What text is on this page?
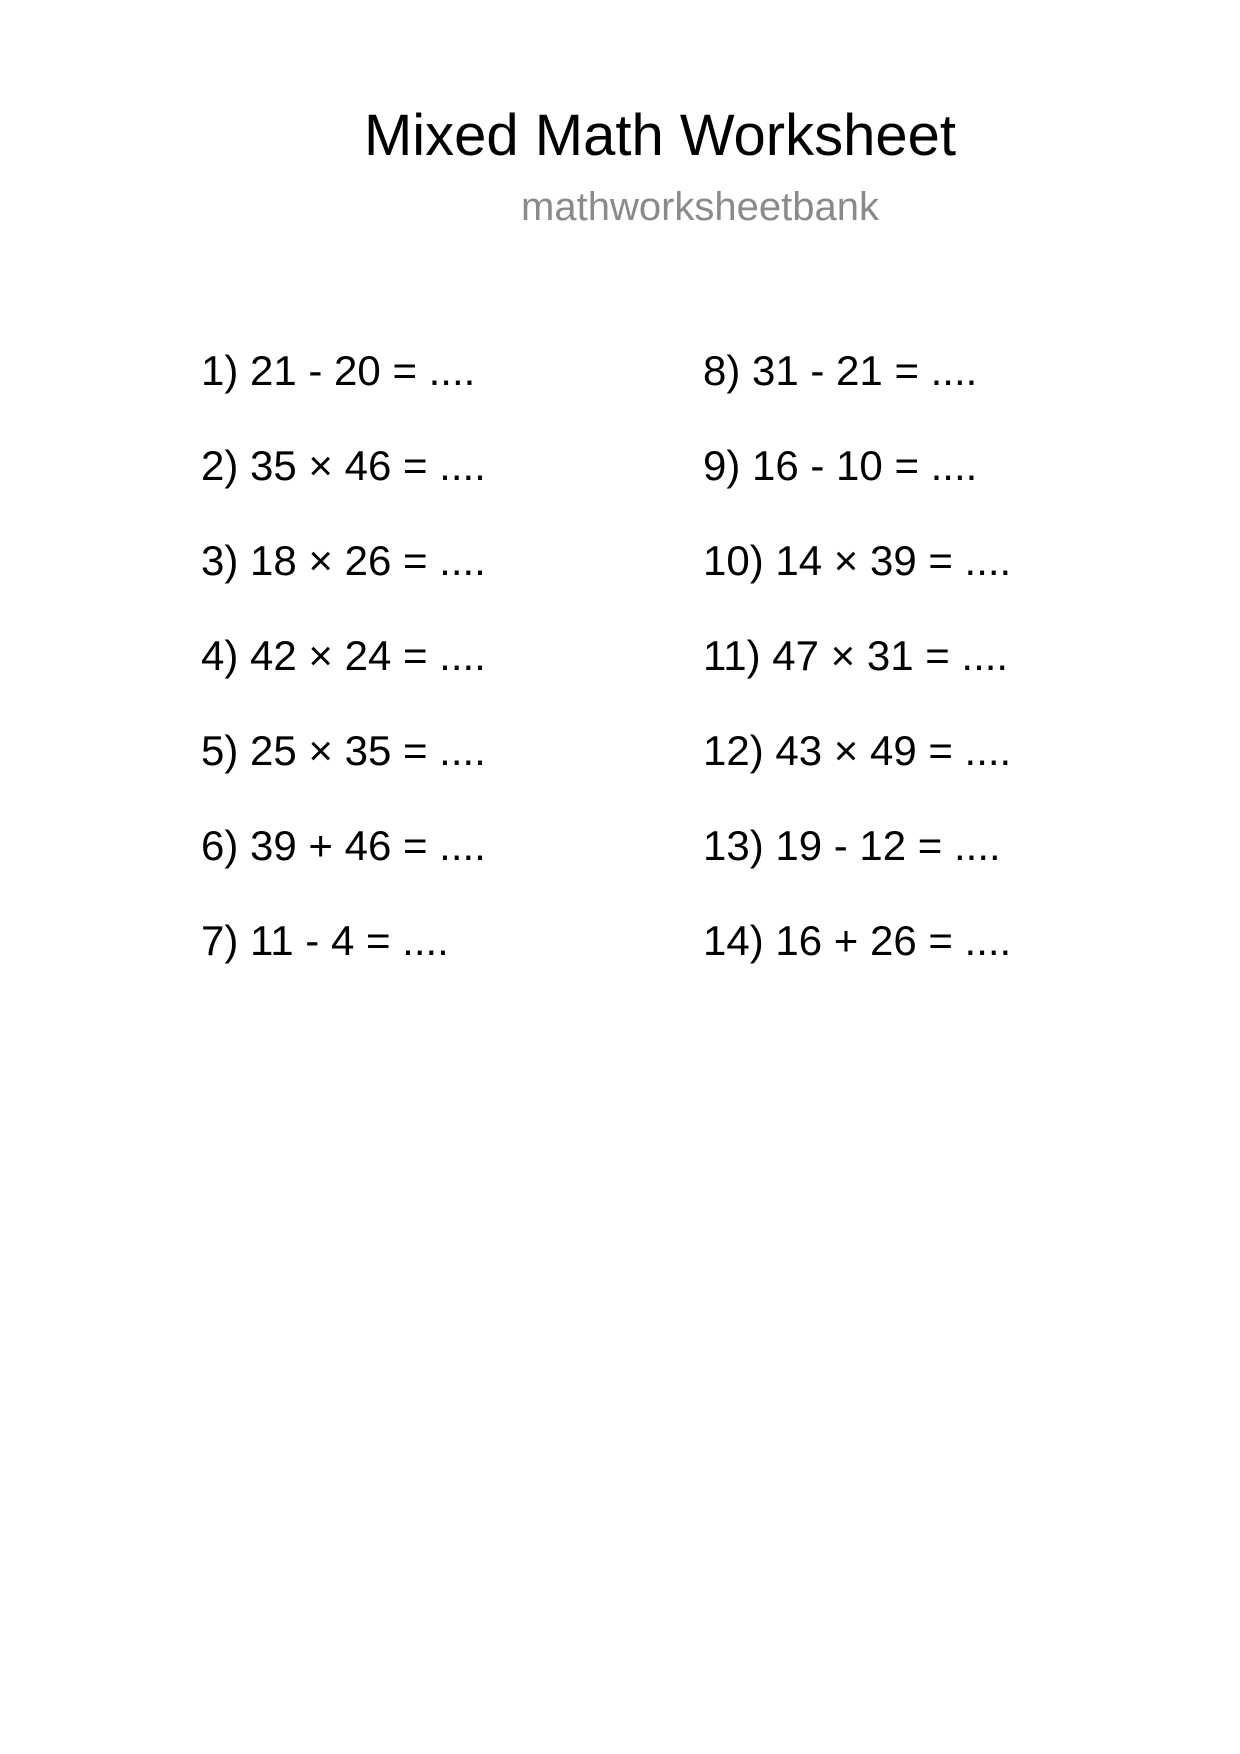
Mixed Math Worksheet
mathworksheetbank
1) 21 - 20 = ....
2) 35 × 46 = ....
3) 18 × 26 = ....
4) 42 × 24 = ....
5) 25 × 35 = ....
6) 39 + 46 = ....
7) 11 - 4 = ....
8) 31 - 21 = ....
9) 16 - 10 = ....
10) 14 × 39 = ....
11) 47 × 31 = ....
12) 43 × 49 = ....
13) 19 - 12 = ....
14) 16 + 26 = ....
